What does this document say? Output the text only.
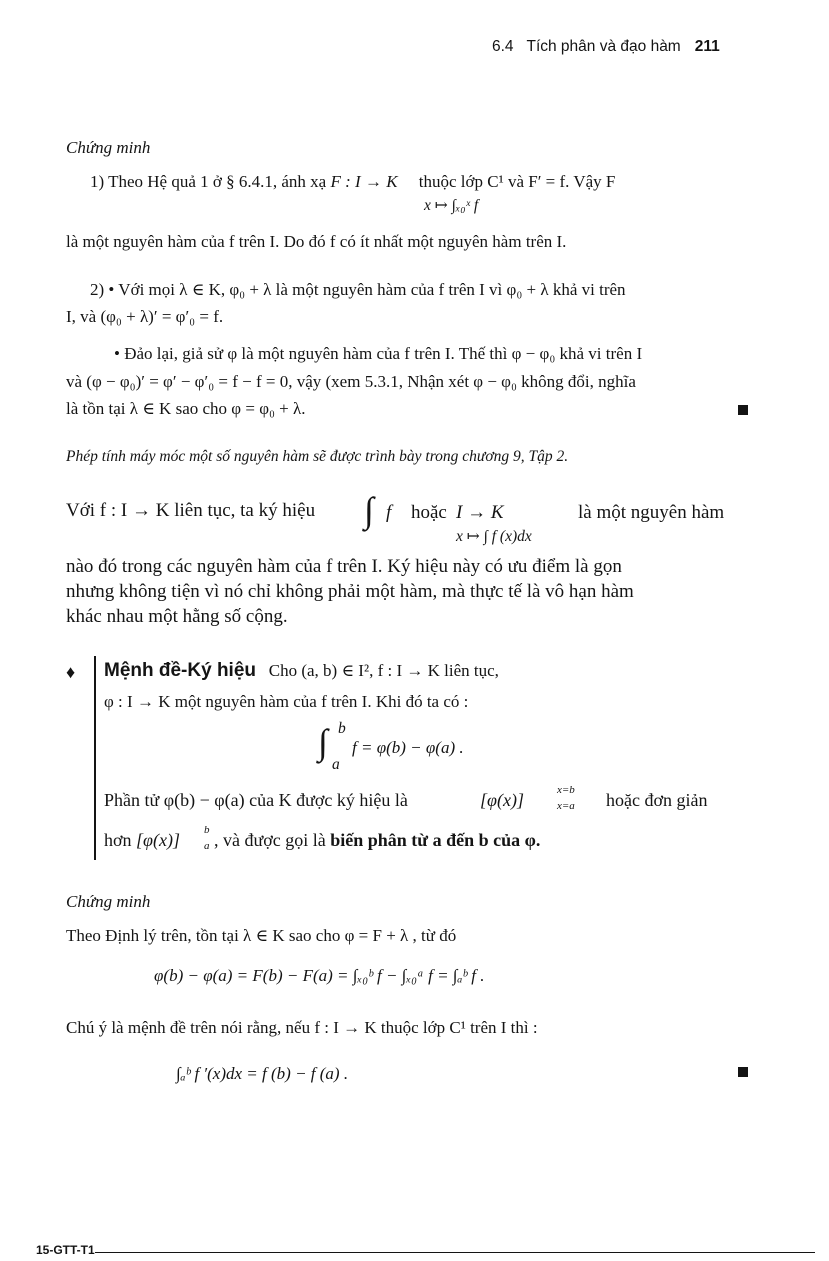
6.4 Tích phân và đạo hàm 211
Chứng minh
1) Theo Hệ quả 1 ở § 6.4.1, ánh xạ F : I → K thuộc lớp C¹ và F′ = f. Vậy F
x ↦ ∫ₓ₀ˣ f
là một nguyên hàm của f trên I. Do đó f có ít nhất một nguyên hàm trên I.
2) • Với mọi λ ∈ K, φ₀ + λ là một nguyên hàm của f trên I vì φ₀ + λ khả vi trên
I, và (φ₀ + λ)′ = φ′₀ = f.
• Đảo lại, giả sử φ là một nguyên hàm của f trên I. Thế thì φ − φ₀ khả vi trên I
và (φ − φ₀)′ = φ′ − φ′₀ = f − f = 0, vậy (xem 5.3.1, Nhận xét φ − φ₀ không đổi, nghĩa
là tồn tại λ ∈ K sao cho φ = φ₀ + λ.
Phép tính máy móc một số nguyên hàm sẽ được trình bày trong chương 9, Tập 2.
Với f : I → K liên tục, ta ký hiệu ∫ f hoặc I → K
x ↦ ∫ f (x)dx
là một nguyên hàm
nào đó trong các nguyên hàm của f trên I. Ký hiệu này có ưu điểm là gọn
nhưng không tiện vì nó chỉ không phải một hàm, mà thực tế là vô hạn hàm
khác nhau một hằng số cộng.
♦ Mệnh đề-Ký hiệu Cho (a, b) ∈ I², f : I → K liên tục,
φ : I → K một nguyên hàm của f trên I. Khi đó ta có :
∫ b
a
f = φ(b) − φ(a) .
Phần tử φ(b) − φ(a) của K được ký hiệu là	[φ(x)]	x=b
x=a hoặc đơn giản
hơn [φ(x)] b
a , và được gọi là biến phân từ a đến b của φ.
Chứng minh
Theo Định lý trên, tồn tại λ ∈ K sao cho φ = F + λ , từ đó
φ(b) − φ(a) = F(b) − F(a) = ∫ₓ₀ᵇ f − ∫ₓ₀ᵃ f = ∫ₐᵇ f .
Chú ý là mệnh đề trên nói rằng, nếu f : I → K thuộc lớp C¹ trên I thì :
∫ₐᵇ f ′(x)dx = f (b) − f (a) .
15-GTT-T1
